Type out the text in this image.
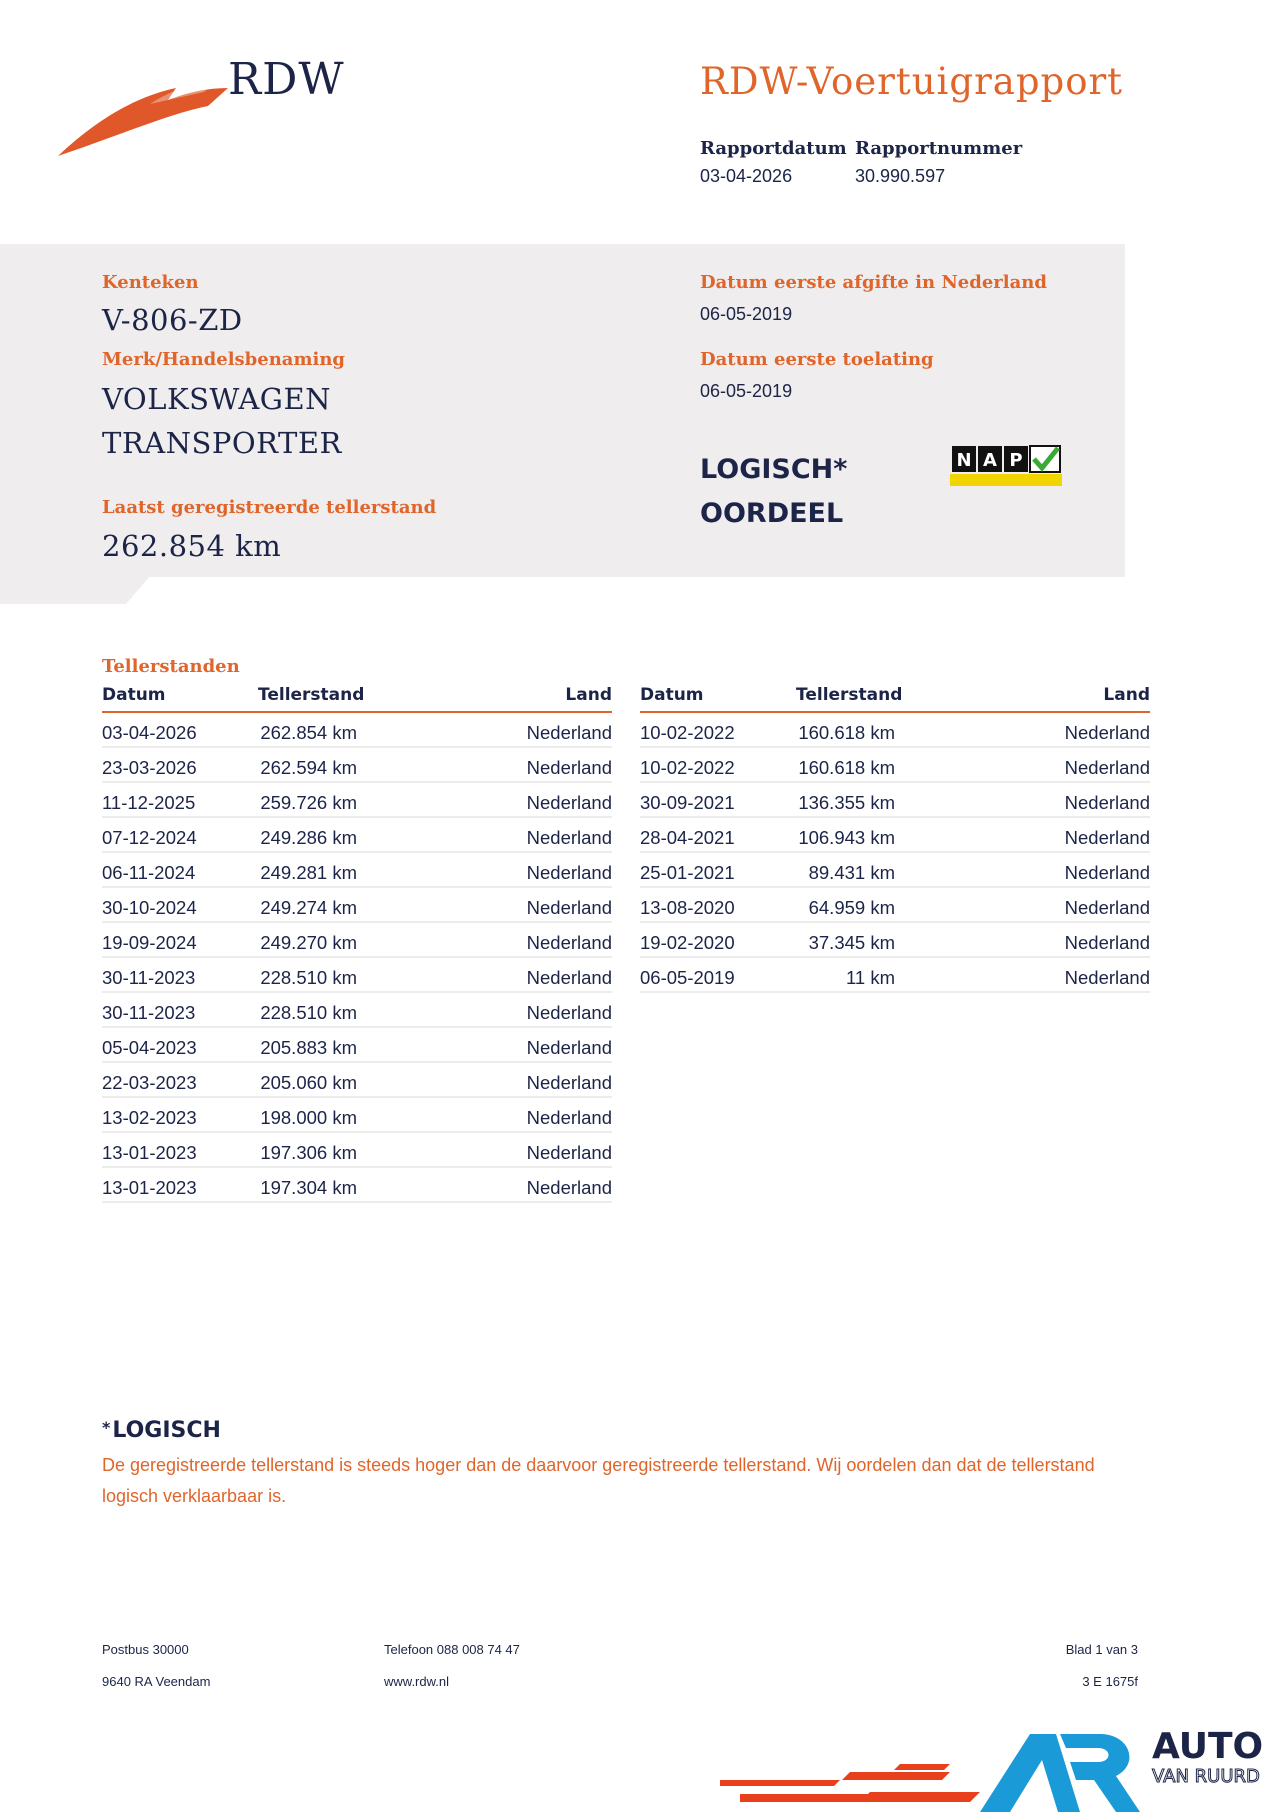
RDW	RDW-Voertuigrapport
Rapportdatum
03-04-2026
Rapportnummer
30.990.597
Kenteken
V-806-ZD
Merk/Handelsbenaming
VOLKSWAGEN
TRANSPORTER
Laatst geregistreerde tellerstand
262.854 km
Datum eerste afgifte in Nederland
06-05-2019
Datum eerste toelating
06-05-2019
LOGISCH*
OORDEEL
N A P
Tellerstanden
Datum	Tellerstand	Land
03-04-2026	262.854 km	Nederland
23-03-2026	262.594 km	Nederland
11-12-2025	259.726 km	Nederland
07-12-2024	249.286 km	Nederland
06-11-2024	249.281 km	Nederland
30-10-2024	249.274 km	Nederland
19-09-2024	249.270 km	Nederland
30-11-2023	228.510 km	Nederland
30-11-2023	228.510 km	Nederland
05-04-2023	205.883 km	Nederland
22-03-2023	205.060 km	Nederland
13-02-2023	198.000 km	Nederland
13-01-2023	197.306 km	Nederland
13-01-2023	197.304 km	Nederland
Datum	Tellerstand	Land
10-02-2022	160.618 km	Nederland
10-02-2022	160.618 km	Nederland
30-09-2021	136.355 km	Nederland
28-04-2021	106.943 km	Nederland
25-01-2021	89.431 km	Nederland
13-08-2020	64.959 km	Nederland
19-02-2020	37.345 km	Nederland
06-05-2019	11 km	Nederland
*LOGISCH
De geregistreerde tellerstand is steeds hoger dan de daarvoor geregistreerde tellerstand. Wij oordelen dan dat de tellerstand logisch verklaarbaar is.
Postbus 30000
9640 RA Veendam
Telefoon 088 008 74 47
www.rdw.nl
Blad 1 van 3
3 E 1675f
AUTO
VAN RUURD
